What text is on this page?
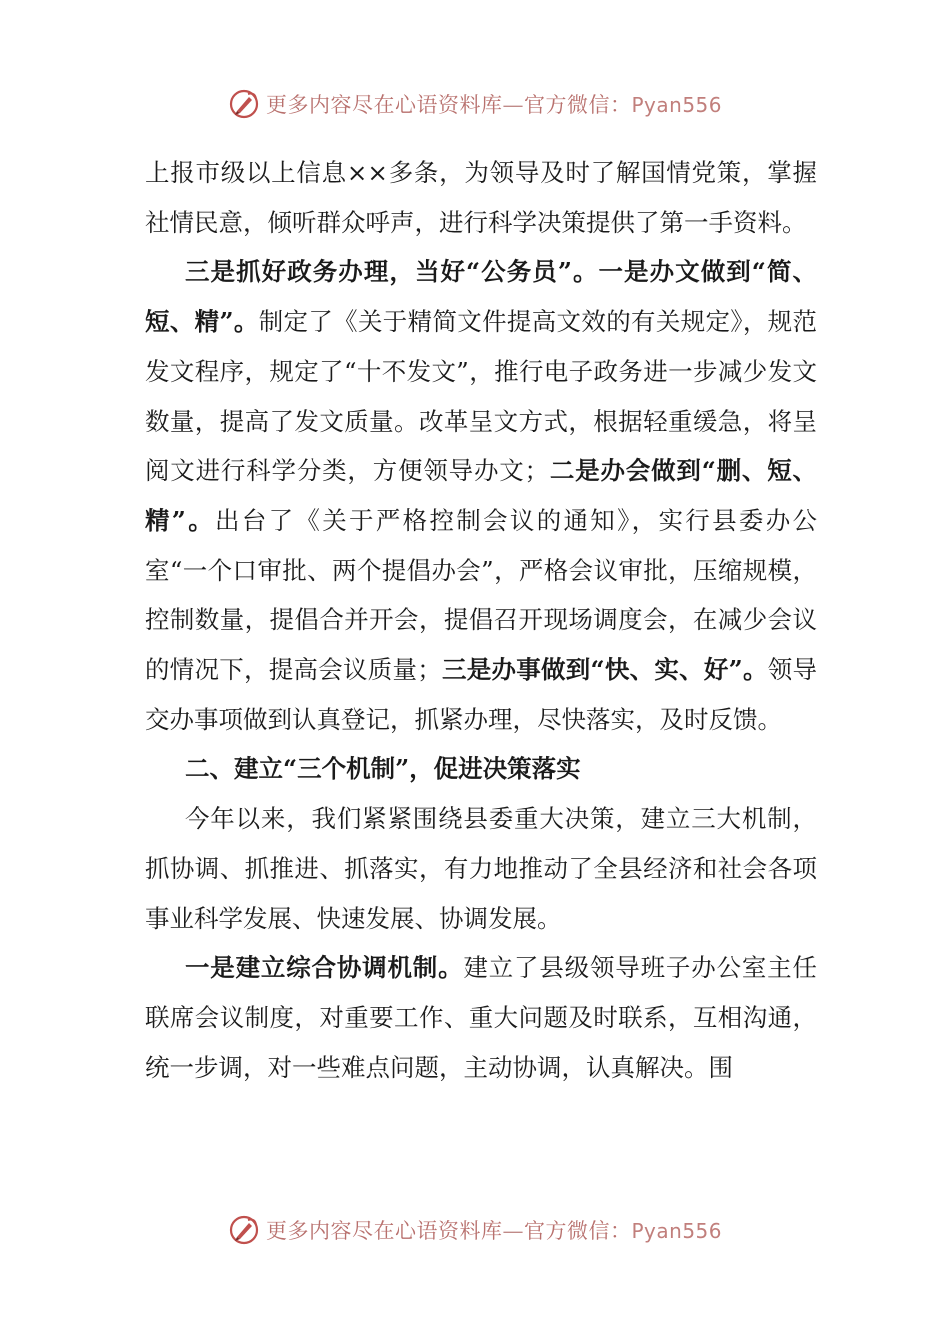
更多内容尽在心语资料库—官方微信：Pyan556

上报市级以上信息××多条，为领导及时了解国情党策，掌握社情民意，倾听群众呼声，进行科学决策提供了第一手资料。

三是抓好政务办理，当好“公务员”。一是办文做到“简、短、精”。制定了《关于精简文件提高文效的有关规定》，规范发文程序，规定了“十不发文”，推行电子政务进一步减少发文数量，提高了发文质量。改革呈文方式，根据轻重缓急，将呈阅文进行科学分类，方便领导办文；二是办会做到“删、短、精”。出台了《关于严格控制会议的通知》，实行县委办公室“一个口审批、两个提倡办会”，严格会议审批，压缩规模，控制数量，提倡合并开会，提倡召开现场调度会，在减少会议的情况下，提高会议质量；三是办事做到“快、实、好”。领导交办事项做到认真登记，抓紧办理，尽快落实，及时反馈。

二、建立“三个机制”，促进决策落实

今年以来，我们紧紧围绕县委重大决策，建立三大机制，抓协调、抓推进、抓落实，有力地推动了全县经济和社会各项事业科学发展、快速发展、协调发展。

一是建立综合协调机制。建立了县级领导班子办公室主任联席会议制度，对重要工作、重大问题及时联系，互相沟通，统一步调，对一些难点问题，主动协调，认真解决。围

更多内容尽在心语资料库—官方微信：Pyan556
